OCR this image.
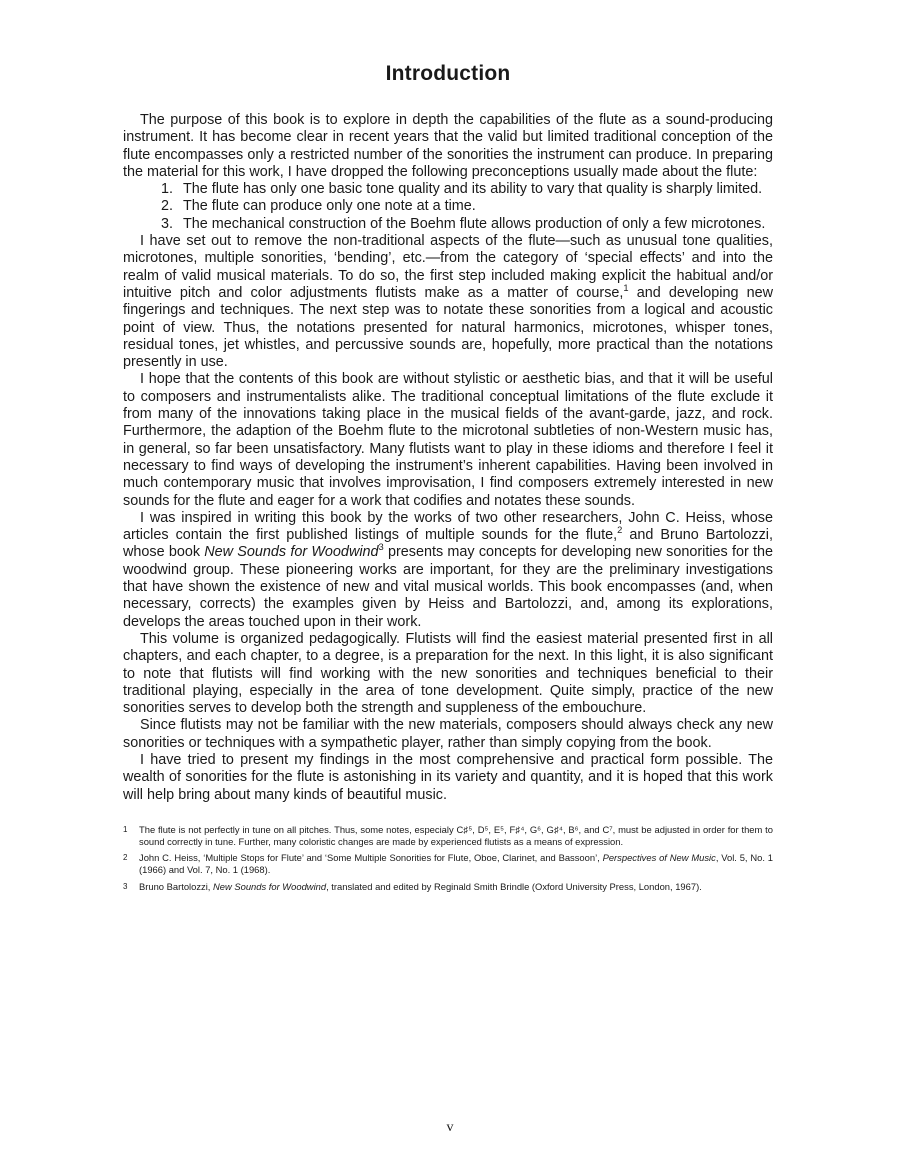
Introduction

The purpose of this book is to explore in depth the capabilities of the flute as a sound-producing instrument. It has become clear in recent years that the valid but limited traditional conception of the flute encompasses only a restricted number of the sonorities the instrument can produce. In preparing the material for this work, I have dropped the following preconceptions usually made about the flute:

1. The flute has only one basic tone quality and its ability to vary that quality is sharply limited.
2. The flute can produce only one note at a time.
3. The mechanical construction of the Boehm flute allows production of only a few microtones.

I have set out to remove the non-traditional aspects of the flute—such as unusual tone qualities, microtones, multiple sonorities, ‘bending’, etc.—from the category of ‘special effects’ and into the realm of valid musical materials. To do so, the first step included making explicit the habitual and/or intuitive pitch and color adjustments flutists make as a matter of course,$^1$ and developing new fingerings and techniques. The next step was to notate these sonorities from a logical and acoustic point of view. Thus, the notations presented for natural harmonics, microtones, whisper tones, residual tones, jet whistles, and percussive sounds are, hopefully, more practical than the notations presently in use.

I hope that the contents of this book are without stylistic or aesthetic bias, and that it will be useful to composers and instrumentalists alike. The traditional conceptual limitations of the flute exclude it from many of the innovations taking place in the musical fields of the avant-garde, jazz, and rock. Furthermore, the adaption of the Boehm flute to the microtonal subtleties of non-Western music has, in general, so far been unsatisfactory. Many flutists want to play in these idioms and therefore I feel it necessary to find ways of developing the instrument’s inherent capabilities. Having been involved in much contemporary music that involves improvisation, I find composers extremely interested in new sounds for the flute and eager for a work that codifies and notates these sounds.

I was inspired in writing this book by the works of two other researchers, John C. Heiss, whose articles contain the first published listings of multiple sounds for the flute,$^2$ and Bruno Bartolozzi, whose book New Sounds for Woodwind$^3$ presents may concepts for developing new sonorities for the woodwind group. These pioneering works are important, for they are the preliminary investigations that have shown the existence of new and vital musical worlds. This book encompasses (and, when necessary, corrects) the examples given by Heiss and Bartolozzi, and, among its explorations, develops the areas touched upon in their work.

This volume is organized pedagogically. Flutists will find the easiest material presented first in all chapters, and each chapter, to a degree, is a preparation for the next. In this light, it is also significant to note that flutists will find working with the new sonorities and techniques beneficial to their traditional playing, especially in the area of tone development. Quite simply, practice of the new sonorities serves to develop both the strength and suppleness of the embouchure.

Since flutists may not be familiar with the new materials, composers should always check any new sonorities or techniques with a sympathetic player, rather than simply copying from the book.

I have tried to present my findings in the most comprehensive and practical form possible. The wealth of sonorities for the flute is astonishing in its variety and quantity, and it is hoped that this work will help bring about many kinds of beautiful music.

1 The flute is not perfectly in tune on all pitches. Thus, some notes, especialy C♯⁵, D⁵, E⁵, F♯⁴, G⁶, G♯⁴, B⁶, and C⁷, must be adjusted in order for them to sound correctly in tune. Further, many coloristic changes are made by experienced flutists as a means of expression.
2 John C. Heiss, ‘Multiple Stops for Flute’ and ‘Some Multiple Sonorities for Flute, Oboe, Clarinet, and Bassoon’, Perspectives of New Music, Vol. 5, No. 1 (1966) and Vol. 7, No. 1 (1968).
3 Bruno Bartolozzi, New Sounds for Woodwind, translated and edited by Reginald Smith Brindle (Oxford University Press, London, 1967).
v
